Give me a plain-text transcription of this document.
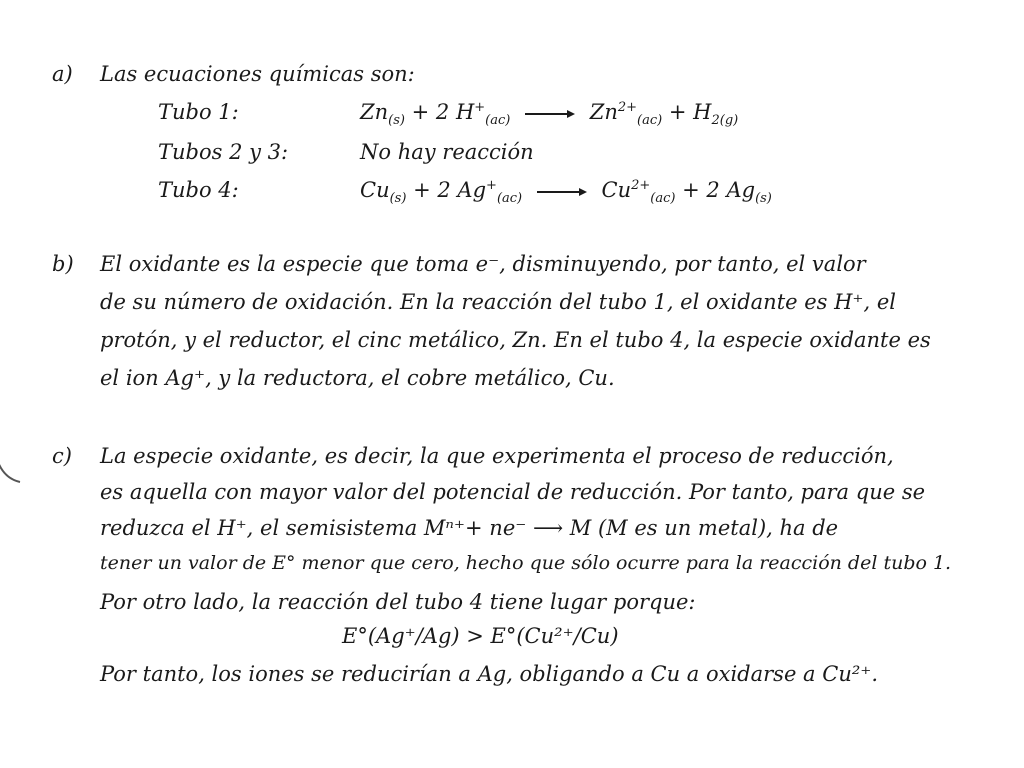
a) Las ecuaciones químicas son:
Tubo 1:	$Zn_{(s)} + 2$ $H^+_{(ac)} \to Zn^{2+}_{(ac)} + H_{2(g)}$
Tubos 2 y 3:	No hay reacción
Tubo 4:	$Cu_{(s)} + 2$ $Ag^+_{(ac)} \to Cu^{2+}_{(ac)} + 2$ $Ag_{(s)}$
b) El oxidante es la especie que toma e⁻, disminuyendo, por tanto, el valor
de su número de oxidación. En la reacción del tubo 1, el oxidante es H⁺, el
protón, y el reductor, el cinc metálico, Zn. En el tubo 4, la especie oxidante es
el ion Ag⁺, y la reductora, el cobre metálico, Cu.
c) La especie oxidante, es decir, la que experimenta el proceso de reducción,
es aquella con mayor valor del potencial de reducción. Por tanto, para que se
reduzca el H⁺, el semisistema Mⁿ⁺+ ne⁻ ⟶ M (M es un metal), ha de
tener un valor de E° menor que cero, hecho que sólo ocurre para la reacción del tubo 1.
Por otro lado, la reacción del tubo 4 tiene lugar porque:
E°(Ag⁺/Ag) > E°(Cu²⁺/Cu)
Por tanto, los iones se reducirían a Ag, obligando a Cu a oxidarse a Cu²⁺.
